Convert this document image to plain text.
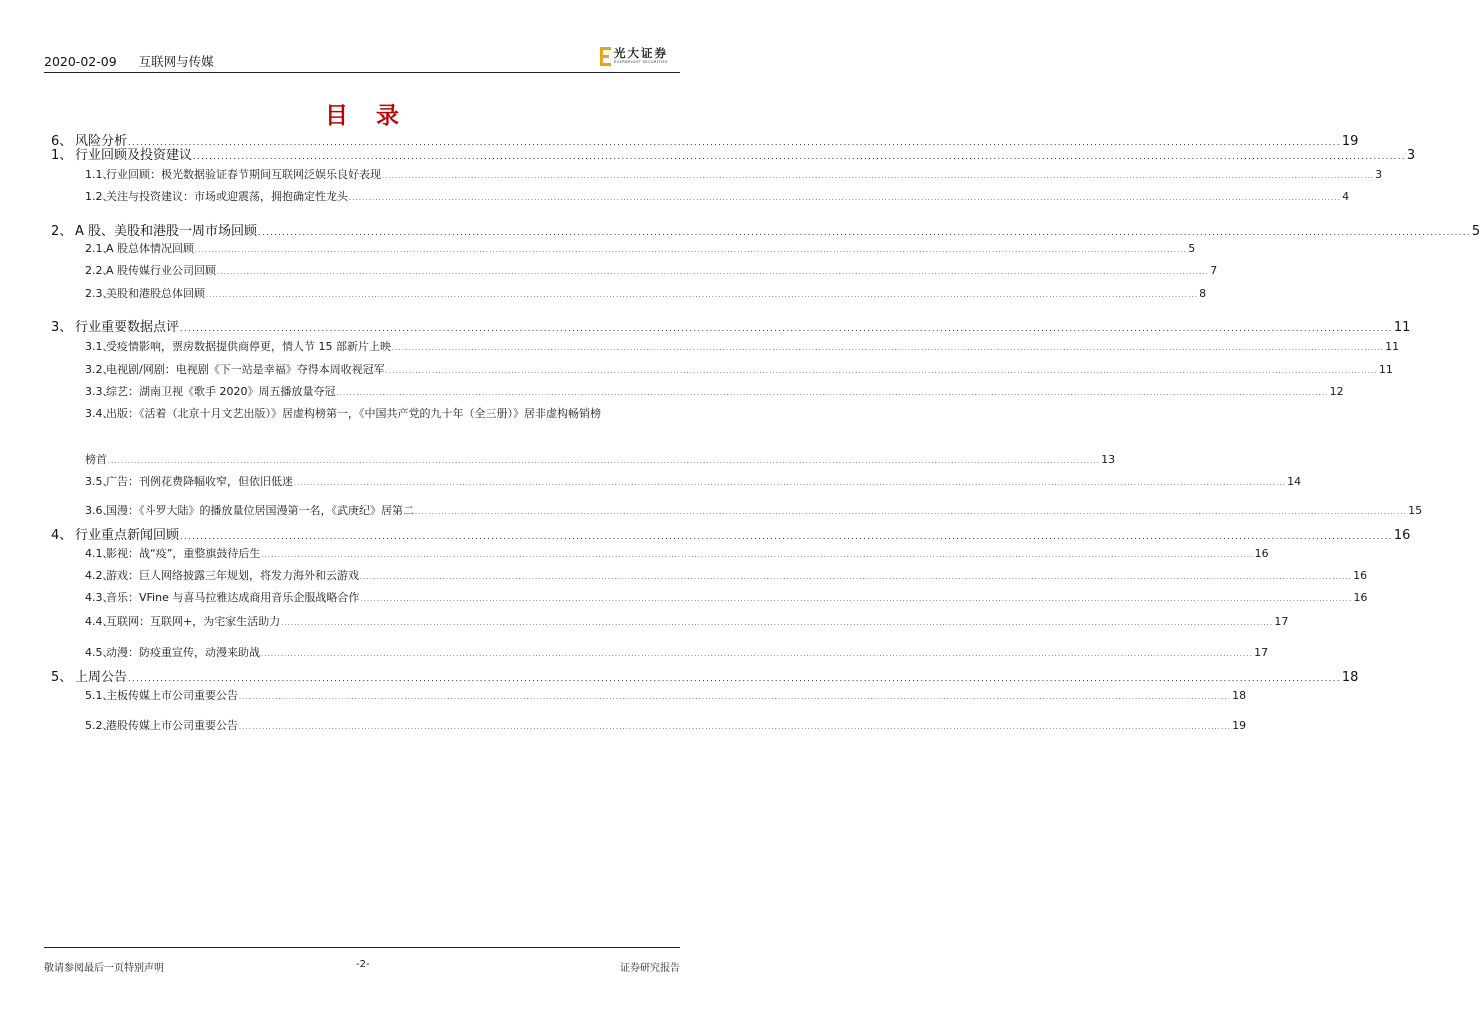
2020-02-09 互联网与传媒
光大证券
EVERBRIGHT SECURITIES
目 录
1、 行业回顾及投资建议 ............................................................................................................................................................................................................................................................................................................ 3
1.1、
行业回顾：极光数据验证春节期间互联网泛娱乐良好表现 ............................................................................................................................................................................................................................................................................................................ 3
1.2、
关注与投资建议：市场或迎震荡，拥抱确定性龙头 ............................................................................................................................................................................................................................................................................................................ 4
2、 A 股、美股和港股一周市场回顾 ............................................................................................................................................................................................................................................................................................................ 5
2.1、
A 股总体情况回顾 ............................................................................................................................................................................................................................................................................................................ 5
2.2、
A 股传媒行业公司回顾 ............................................................................................................................................................................................................................................................................................................ 7
2.3、
美股和港股总体回顾 ............................................................................................................................................................................................................................................................................................................ 8
3、 行业重要数据点评 ............................................................................................................................................................................................................................................................................................................ 11
3.1、
受疫情影响，票房数据提供商停更，情人节 15 部新片上映 ............................................................................................................................................................................................................................................................................................................ 11
3.2、
电视剧/网剧：电视剧《下一站是幸福》夺得本周收视冠军 ............................................................................................................................................................................................................................................................................................................ 11
3.3、
综艺：湖南卫视《歌手 2020》周五播放量夺冠 ............................................................................................................................................................................................................................................................................................................ 12
3.4、
出版：《活着（北京十月文艺出版）》居虚构榜第一，《中国共产党的九十年（全三册）》居非虚构畅销榜
榜首 ............................................................................................................................................................................................................................................................................................................ 13
3.5、
广告：刊例花费降幅收窄，但依旧低迷 ............................................................................................................................................................................................................................................................................................................ 14
3.6、
国漫：《斗罗大陆》的播放量位居国漫第一名，《武庚纪》居第二 ............................................................................................................................................................................................................................................................................................................ 15
4、 行业重点新闻回顾 ............................................................................................................................................................................................................................................................................................................ 16
4.1、
影视：战“疫”，重整旗鼓待后生 ............................................................................................................................................................................................................................................................................................................ 16
4.2、
游戏：巨人网络披露三年规划，将发力海外和云游戏 ............................................................................................................................................................................................................................................................................................................ 16
4.3、
音乐：VFine 与喜马拉雅达成商用音乐企服战略合作 ............................................................................................................................................................................................................................................................................................................ 16
4.4、
互联网：互联网+，为宅家生活助力 ............................................................................................................................................................................................................................................................................................................ 17
4.5、
动漫：防疫重宣传，动漫来助战 ............................................................................................................................................................................................................................................................................................................ 17
5、 上周公告 ............................................................................................................................................................................................................................................................................................................ 18
5.1、
主板传媒上市公司重要公告 ............................................................................................................................................................................................................................................................................................................ 18
5.2、
港股传媒上市公司重要公告 ............................................................................................................................................................................................................................................................................................................ 19
6、 风险分析 ............................................................................................................................................................................................................................................................................................................ 19
敬请参阅最后一页特别声明	-2-	证券研究报告
